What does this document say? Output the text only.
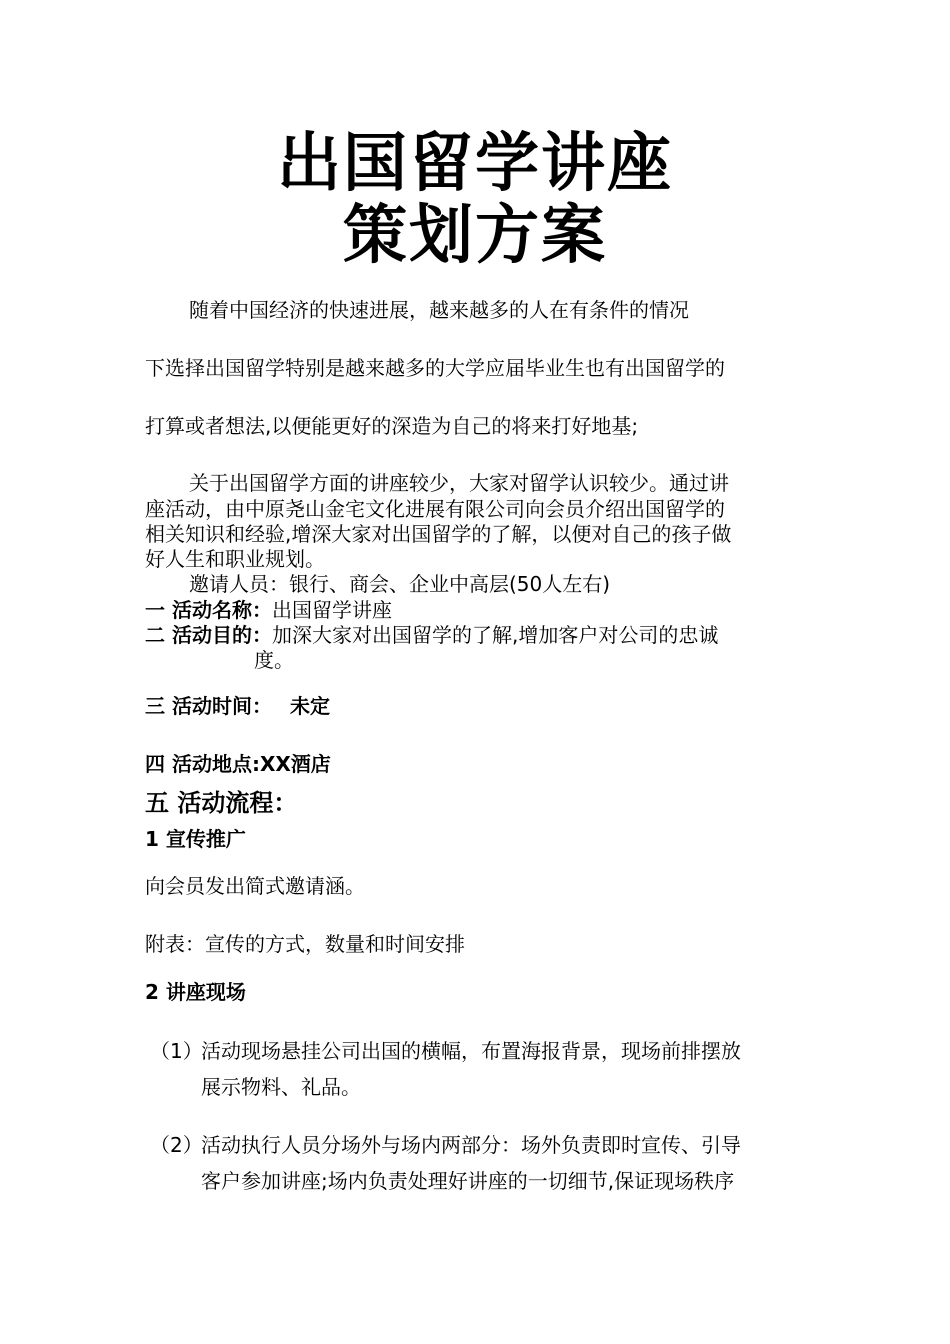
出国留学讲座
策划方案
随着中国经济的快速进展，越来越多的人在有条件的情况
下选择出国留学特别是越来越多的大学应届毕业生也有出国留学的
打算或者想法,以便能更好的深造为自己的将来打好地基;
关于出国留学方面的讲座较少，大家对留学认识较少。通过讲
座活动，由中原尧山金宅文化进展有限公司向会员介绍出国留学的
相关知识和经验,增深大家对出国留学的了解，以便对自己的孩子做
好人生和职业规划。
邀请人员：银行、商会、企业中高层(50人左右)
一 活动名称：出国留学讲座
二 活动目的：加深大家对出国留学的了解,增加客户对公司的忠诚
度。
三 活动时间： 未定
四 活动地点:XX酒店
五 活动流程：
1 宣传推广
向会员发出简式邀请涵。
附表：宣传的方式，数量和时间安排
2 讲座现场
（1）
活动现场悬挂公司出国的横幅，布置海报背景，现场前排摆放
展示物料、礼品。
（2）
活动执行人员分场外与场内两部分：场外负责即时宣传、引导
客户参加讲座;场内负责处理好讲座的一切细节,保证现场秩序
